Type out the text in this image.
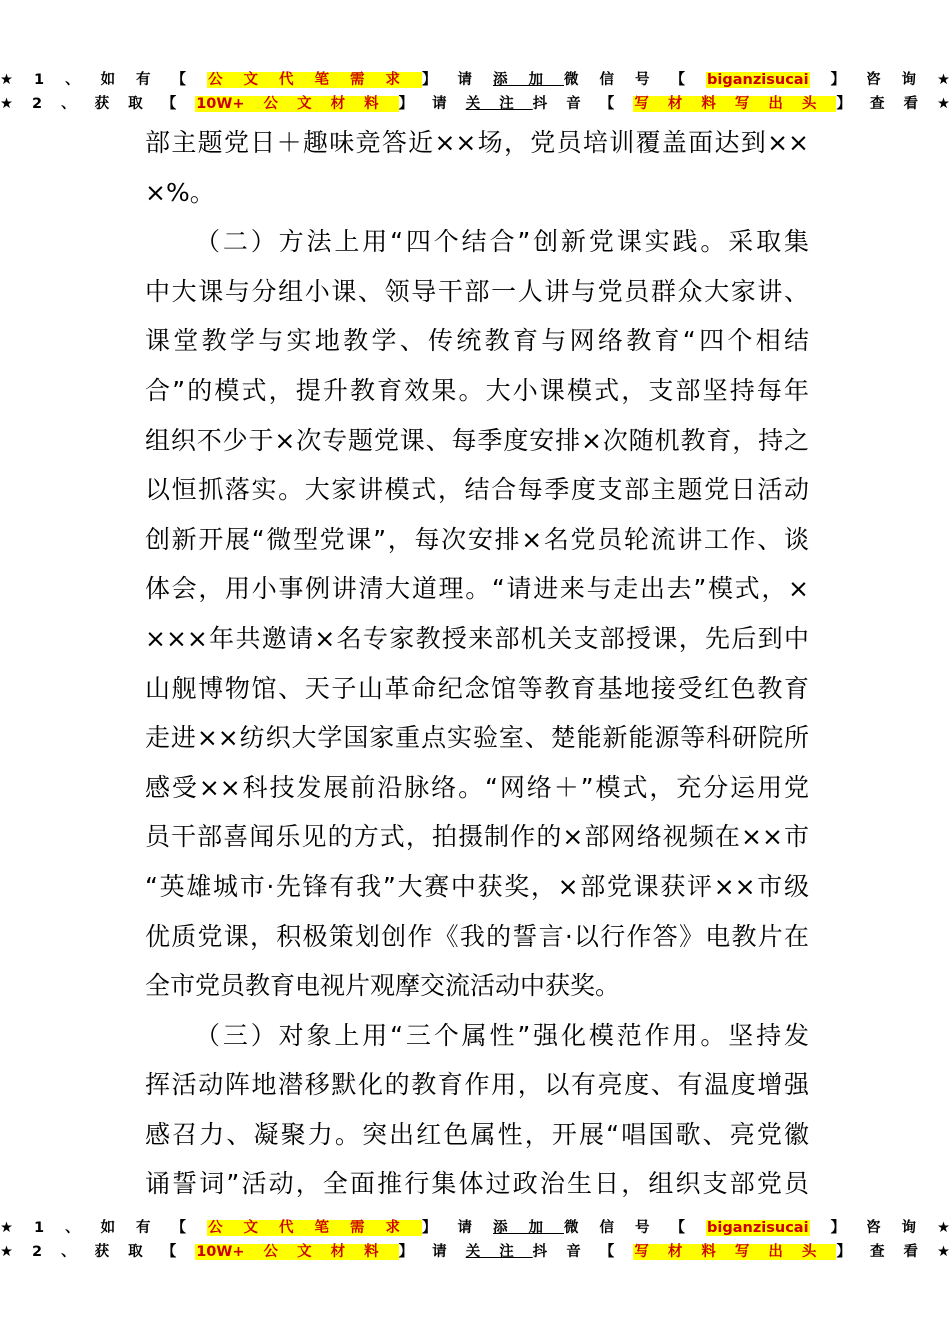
★1、如有【公文代笔需求】请添加微信号【biganzisucai】咨询★
★2、获取【10W+公文材料】请关注抖音【写材料写出头】查看★
部主题党日＋趣味竞答近××场，党员培训覆盖面达到××
×%。
（二）方法上用“四个结合”创新党课实践。采取集
中大课与分组小课、领导干部一人讲与党员群众大家讲、
课堂教学与实地教学、传统教育与网络教育“四个相结
合”的模式，提升教育效果。大小课模式，支部坚持每年
组织不少于×次专题党课、每季度安排×次随机教育，持之
以恒抓落实。大家讲模式，结合每季度支部主题党日活动
创新开展“微型党课”，每次安排×名党员轮流讲工作、谈
体会，用小事例讲清大道理。“请进来与走出去”模式，×
×××年共邀请×名专家教授来部机关支部授课，先后到中
山舰博物馆、天子山革命纪念馆等教育基地接受红色教育
走进××纺织大学国家重点实验室、楚能新能源等科研院所
感受××科技发展前沿脉络。“网络＋”模式，充分运用党
员干部喜闻乐见的方式，拍摄制作的×部网络视频在××市
“英雄城市·先锋有我”大赛中获奖，×部党课获评××市级
优质党课，积极策划创作《我的誓言·以行作答》电教片在
全市党员教育电视片观摩交流活动中获奖。
（三）对象上用“三个属性”强化模范作用。坚持发
挥活动阵地潜移默化的教育作用，以有亮度、有温度增强
感召力、凝聚力。突出红色属性，开展“唱国歌、亮党徽
诵誓词”活动，全面推行集体过政治生日，组织支部党员
★1、如有【公文代笔需求】请添加微信号【biganzisucai】咨询★
★2、获取【10W+公文材料】请关注抖音【写材料写出头】查看★
